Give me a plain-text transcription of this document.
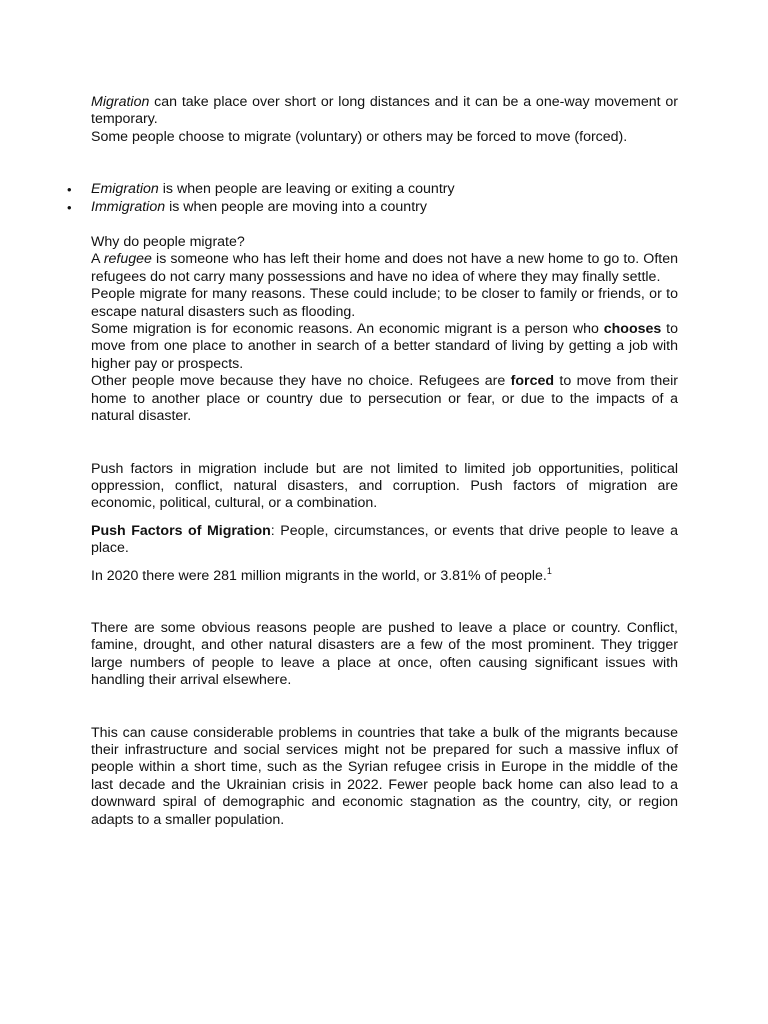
Migration can take place over short or long distances and it can be a one-way movement or temporary.

Some people choose to migrate (voluntary) or others may be forced to move (forced).

• Emigration is when people are leaving or exiting a country
• Immigration is when people are moving into a country

Why do people migrate?

A refugee is someone who has left their home and does not have a new home to go to. Often refugees do not carry many possessions and have no idea of where they may finally settle.

People migrate for many reasons. These could include; to be closer to family or friends, or to escape natural disasters such as flooding.

Some migration is for economic reasons. An economic migrant is a person who chooses to move from one place to another in search of a better standard of living by getting a job with higher pay or prospects.

Other people move because they have no choice. Refugees are forced to move from their home to another place or country due to persecution or fear, or due to the impacts of a natural disaster.

Push factors in migration include but are not limited to limited job opportunities, political oppression, conflict, natural disasters, and corruption. Push factors of migration are economic, political, cultural, or a combination.

Push Factors of Migration: People, circumstances, or events that drive people to leave a place.

In 2020 there were 281 million migrants in the world, or 3.81% of people.$^1$

There are some obvious reasons people are pushed to leave a place or country. Conflict, famine, drought, and other natural disasters are a few of the most prominent. They trigger large numbers of people to leave a place at once, often causing significant issues with handling their arrival elsewhere.

This can cause considerable problems in countries that take a bulk of the migrants because their infrastructure and social services might not be prepared for such a massive influx of people within a short time, such as the Syrian refugee crisis in Europe in the middle of the last decade and the Ukrainian crisis in 2022. Fewer people back home can also lead to a downward spiral of demographic and economic stagnation as the country, city, or region adapts to a smaller population.
